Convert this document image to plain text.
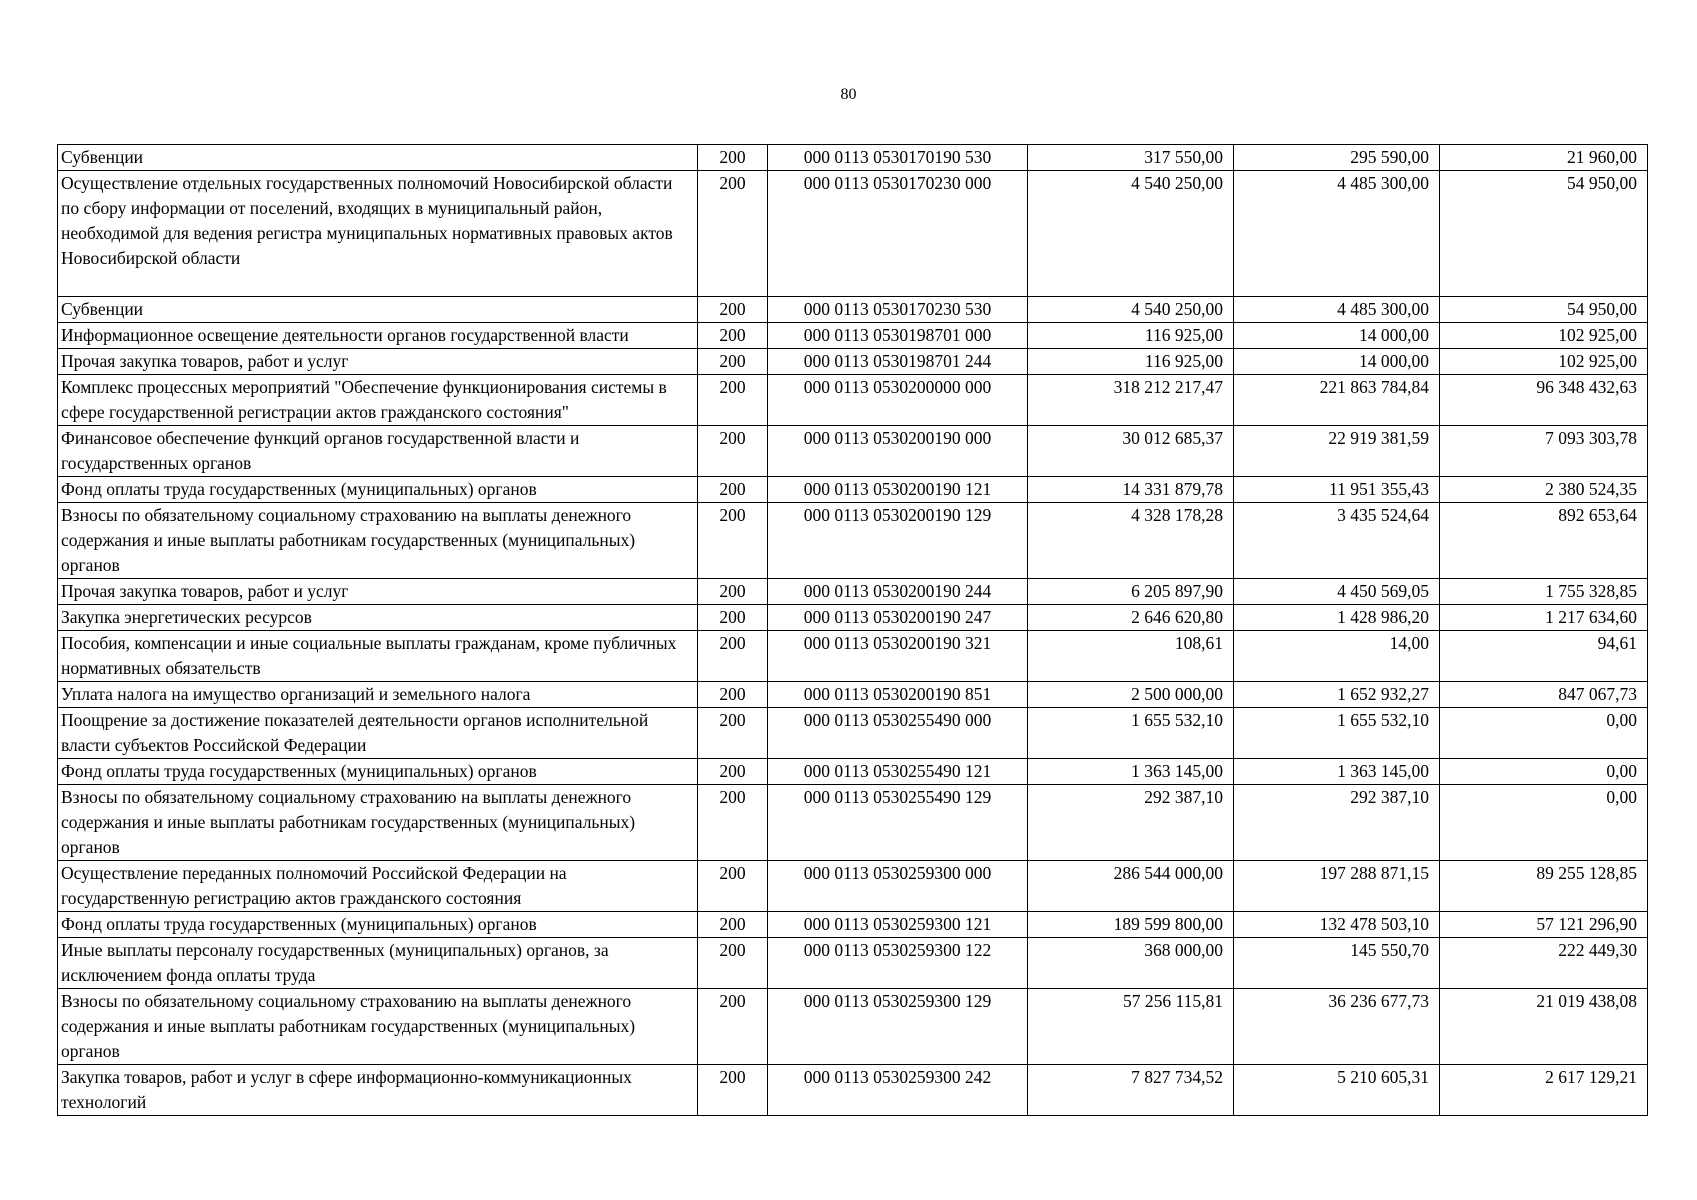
80
Субвенции	200	000 0113 0530170190 530	317 550,00	295 590,00	21 960,00
Осуществление отдельных государственных полномочий Новосибирской области по сбору информации от поселений, входящих в муниципальный район, необходимой для ведения регистра муниципальных нормативных правовых актов Новосибирской области	200	000 0113 0530170230 000	4 540 250,00	4 485 300,00	54 950,00
Субвенции	200	000 0113 0530170230 530	4 540 250,00	4 485 300,00	54 950,00
Информационное освещение деятельности органов государственной власти	200	000 0113 0530198701 000	116 925,00	14 000,00	102 925,00
Прочая закупка товаров, работ и услуг	200	000 0113 0530198701 244	116 925,00	14 000,00	102 925,00
Комплекс процессных мероприятий "Обеспечение функционирования системы в сфере государственной регистрации актов гражданского состояния"	200	000 0113 0530200000 000	318 212 217,47	221 863 784,84	96 348 432,63
Финансовое обеспечение функций органов государственной власти и государственных органов	200	000 0113 0530200190 000	30 012 685,37	22 919 381,59	7 093 303,78
Фонд оплаты труда государственных (муниципальных) органов	200	000 0113 0530200190 121	14 331 879,78	11 951 355,43	2 380 524,35
Взносы по обязательному социальному страхованию на выплаты денежного содержания и иные выплаты работникам государственных (муниципальных) органов	200	000 0113 0530200190 129	4 328 178,28	3 435 524,64	892 653,64
Прочая закупка товаров, работ и услуг	200	000 0113 0530200190 244	6 205 897,90	4 450 569,05	1 755 328,85
Закупка энергетических ресурсов	200	000 0113 0530200190 247	2 646 620,80	1 428 986,20	1 217 634,60
Пособия, компенсации и иные социальные выплаты гражданам, кроме публичных нормативных обязательств	200	000 0113 0530200190 321	108,61	14,00	94,61
Уплата налога на имущество организаций и земельного налога	200	000 0113 0530200190 851	2 500 000,00	1 652 932,27	847 067,73
Поощрение за достижение показателей деятельности органов исполнительной власти субъектов Российской Федерации	200	000 0113 0530255490 000	1 655 532,10	1 655 532,10	0,00
Фонд оплаты труда государственных (муниципальных) органов	200	000 0113 0530255490 121	1 363 145,00	1 363 145,00	0,00
Взносы по обязательному социальному страхованию на выплаты денежного содержания и иные выплаты работникам государственных (муниципальных) органов	200	000 0113 0530255490 129	292 387,10	292 387,10	0,00
Осуществление переданных полномочий Российской Федерации на государственную регистрацию актов гражданского состояния	200	000 0113 0530259300 000	286 544 000,00	197 288 871,15	89 255 128,85
Фонд оплаты труда государственных (муниципальных) органов	200	000 0113 0530259300 121	189 599 800,00	132 478 503,10	57 121 296,90
Иные выплаты персоналу государственных (муниципальных) органов, за исключением фонда оплаты труда	200	000 0113 0530259300 122	368 000,00	145 550,70	222 449,30
Взносы по обязательному социальному страхованию на выплаты денежного содержания и иные выплаты работникам государственных (муниципальных) органов	200	000 0113 0530259300 129	57 256 115,81	36 236 677,73	21 019 438,08
Закупка товаров, работ и услуг в сфере информационно-коммуникационных технологий	200	000 0113 0530259300 242	7 827 734,52	5 210 605,31	2 617 129,21
